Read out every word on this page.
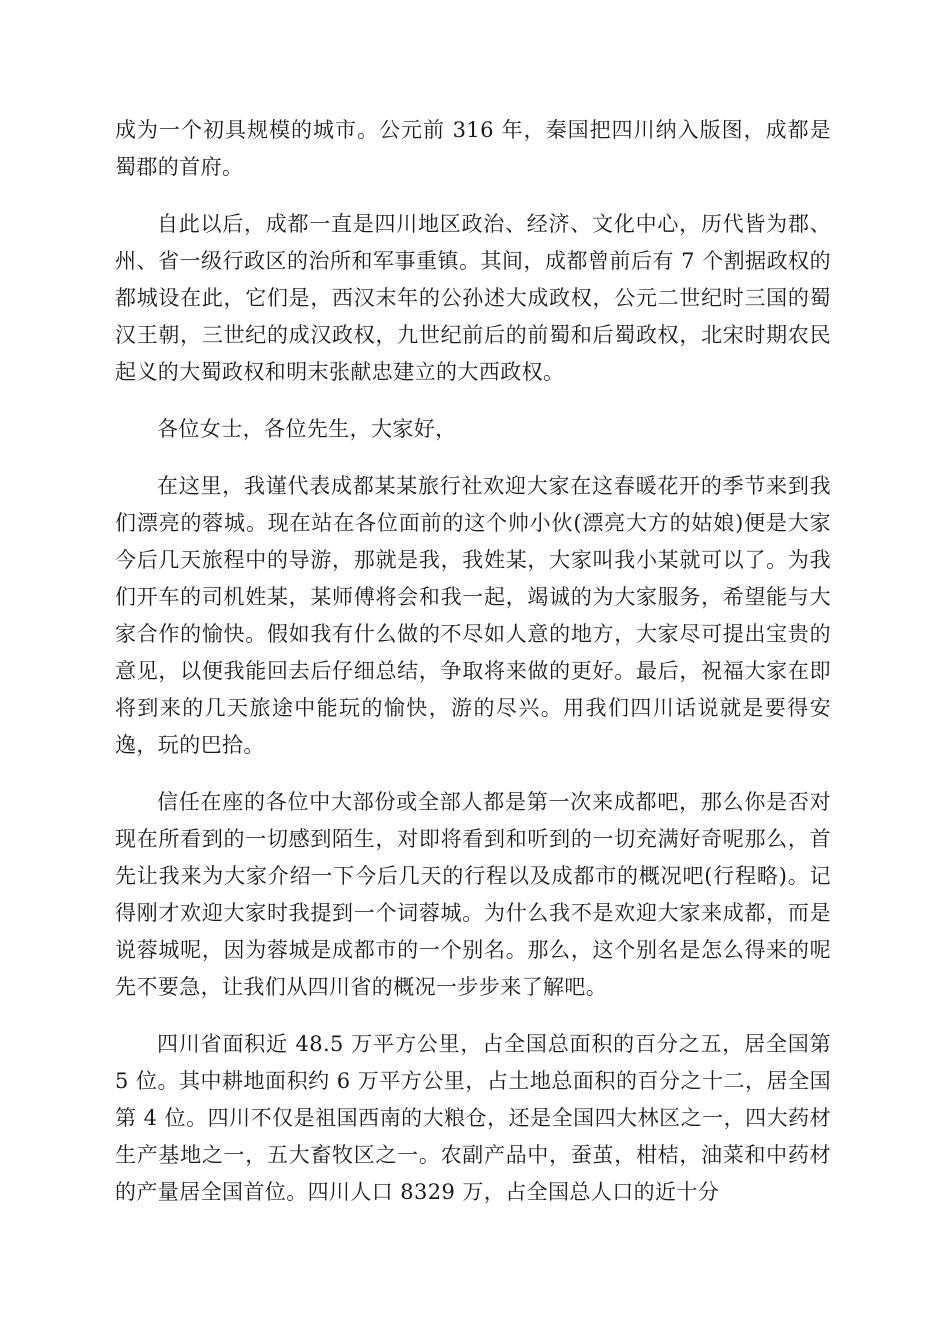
成为一个初具规模的城市。公元前 316 年，秦国把四川纳入版图，成都是蜀郡的首府。

自此以后，成都一直是四川地区政治、经济、文化中心，历代皆为郡、州、省一级行政区的治所和军事重镇。其间，成都曾前后有 7 个割据政权的都城设在此，它们是，西汉末年的公孙述大成政权，公元二世纪时三国的蜀汉王朝，三世纪的成汉政权，九世纪前后的前蜀和后蜀政权，北宋时期农民起义的大蜀政权和明末张献忠建立的大西政权。

各位女士，各位先生，大家好，

在这里，我谨代表成都某某旅行社欢迎大家在这春暖花开的季节来到我们漂亮的蓉城。现在站在各位面前的这个帅小伙(漂亮大方的姑娘)便是大家今后几天旅程中的导游，那就是我，我姓某，大家叫我小某就可以了。为我们开车的司机姓某，某师傅将会和我一起，竭诚的为大家服务，希望能与大家合作的愉快。假如我有什么做的不尽如人意的地方，大家尽可提出宝贵的意见，以便我能回去后仔细总结，争取将来做的更好。最后，祝福大家在即将到来的几天旅途中能玩的愉快，游的尽兴。用我们四川话说就是要得安逸，玩的巴拾。

信任在座的各位中大部份或全部人都是第一次来成都吧，那么你是否对现在所看到的一切感到陌生，对即将看到和听到的一切充满好奇呢那么，首先让我来为大家介绍一下今后几天的行程以及成都市的概况吧(行程略)。记得刚才欢迎大家时我提到一个词蓉城。为什么我不是欢迎大家来成都，而是说蓉城呢，因为蓉城是成都市的一个别名。那么，这个别名是怎么得来的呢先不要急，让我们从四川省的概况一步步来了解吧。

四川省面积近 48.5 万平方公里，占全国总面积的百分之五，居全国第 5 位。其中耕地面积约 6 万平方公里，占土地总面积的百分之十二，居全国第 4 位。四川不仅是祖国西南的大粮仓，还是全国四大林区之一，四大药材生产基地之一，五大畜牧区之一。农副产品中，蚕茧，柑桔，油菜和中药材的产量居全国首位。四川人口 8329 万，占全国总人口的近十分
